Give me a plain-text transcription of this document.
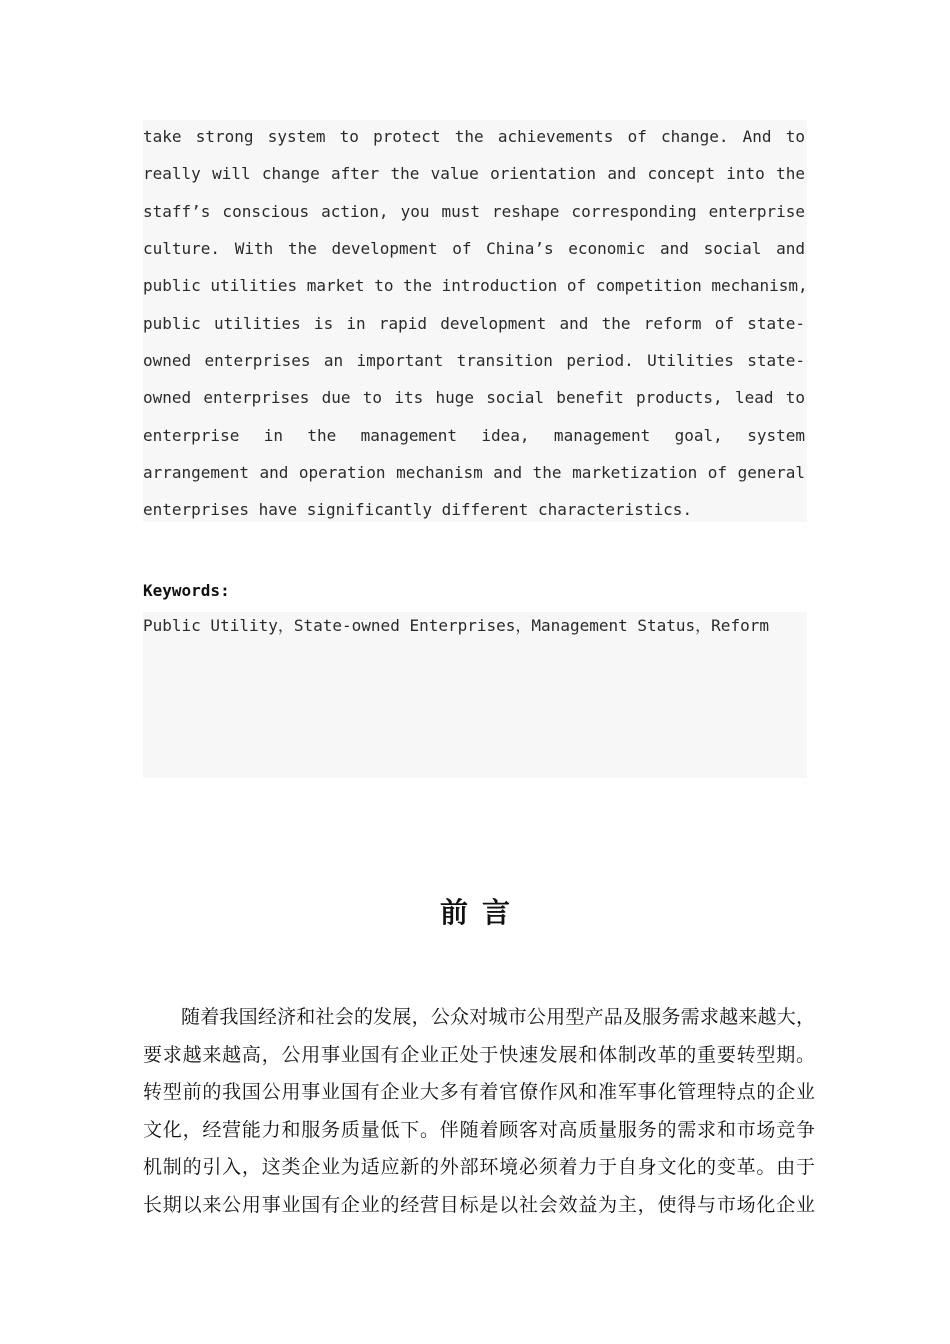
take strong system to protect the achievements of change. And to
really will change after the value orientation and concept into the
staff’s conscious action, you must reshape corresponding enterprise
culture. With the development of China’s economic and social and
public utilities market to the introduction of competition mechanism,
public utilities is in rapid development and the reform of state-
owned enterprises an important transition period. Utilities state-
owned enterprises due to its huge social benefit products, lead to
enterprise in the management idea, management goal, system
arrangement and operation mechanism and the marketization of general
enterprises have significantly different characteristics.
Keywords:
Public Utility，State-owned Enterprises，Management Status，Reform
前言
随着我国经济和社会的发展，公众对城市公用型产品及服务需求越来越大，
要求越来越高，公用事业国有企业正处于快速发展和体制改革的重要转型期。
转型前的我国公用事业国有企业大多有着官僚作风和准军事化管理特点的企业
文化，经营能力和服务质量低下。伴随着顾客对高质量服务的需求和市场竞争
机制的引入，这类企业为适应新的外部环境必须着力于自身文化的变革。由于
长期以来公用事业国有企业的经营目标是以社会效益为主，使得与市场化企业
